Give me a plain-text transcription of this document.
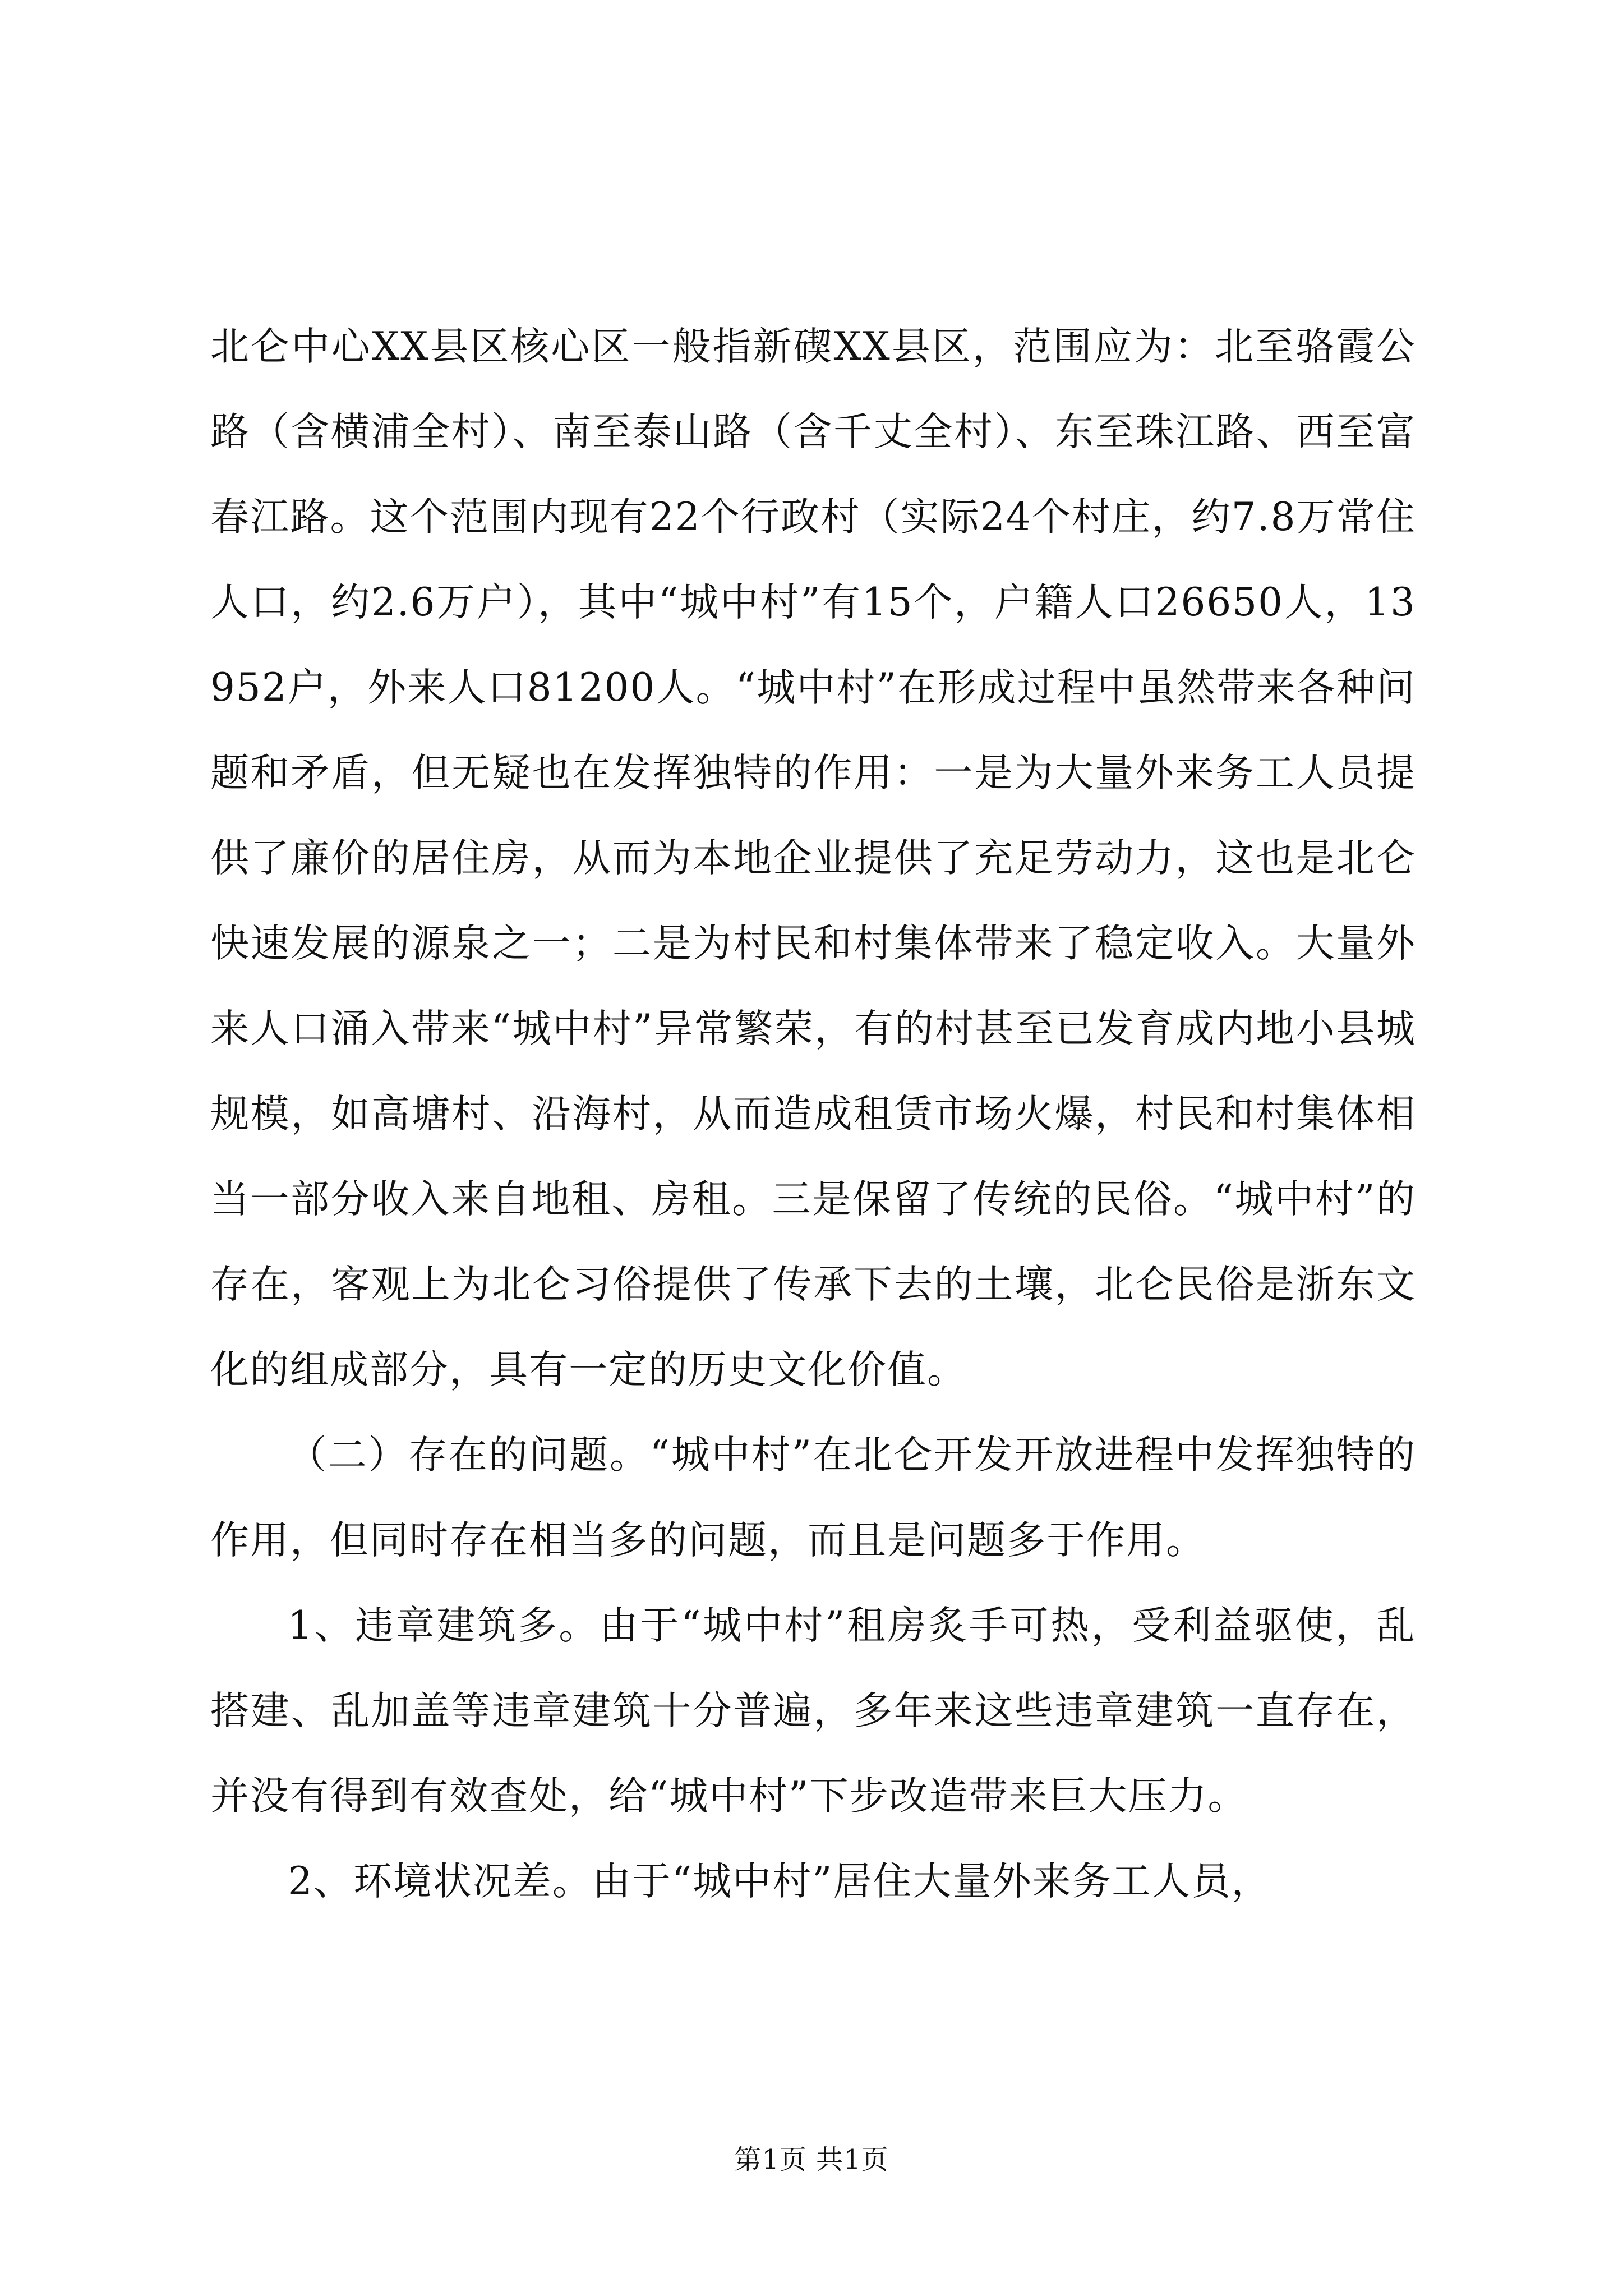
北仑中心XX县区核心区一般指新碶XX县区，范围应为：北至骆霞公路（含横浦全村）、南至泰山路（含千丈全村）、东至珠江路、西至富春江路。这个范围内现有22个行政村（实际24个村庄，约7.8万常住人口，约2.6万户），其中“城中村”有15个，户籍人口26650人，13952户，外来人口81200人。“城中村”在形成过程中虽然带来各种问题和矛盾，但无疑也在发挥独特的作用：一是为大量外来务工人员提供了廉价的居住房，从而为本地企业提供了充足劳动力，这也是北仑快速发展的源泉之一；二是为村民和村集体带来了稳定收入。大量外来人口涌入带来“城中村”异常繁荣，有的村甚至已发育成内地小县城规模，如高塘村、沿海村，从而造成租赁市场火爆，村民和村集体相当一部分收入来自地租、房租。三是保留了传统的民俗。“城中村”的存在，客观上为北仑习俗提供了传承下去的土壤，北仑民俗是浙东文化的组成部分，具有一定的历史文化价值。

（二）存在的问题。“城中村”在北仑开发开放进程中发挥独特的作用，但同时存在相当多的问题，而且是问题多于作用。

1、违章建筑多。由于“城中村”租房炙手可热，受利益驱使，乱搭建、乱加盖等违章建筑十分普遍，多年来这些违章建筑一直存在，并没有得到有效查处，给“城中村”下步改造带来巨大压力。

2、环境状况差。由于“城中村”居住大量外来务工人员，

第1页 共1页
